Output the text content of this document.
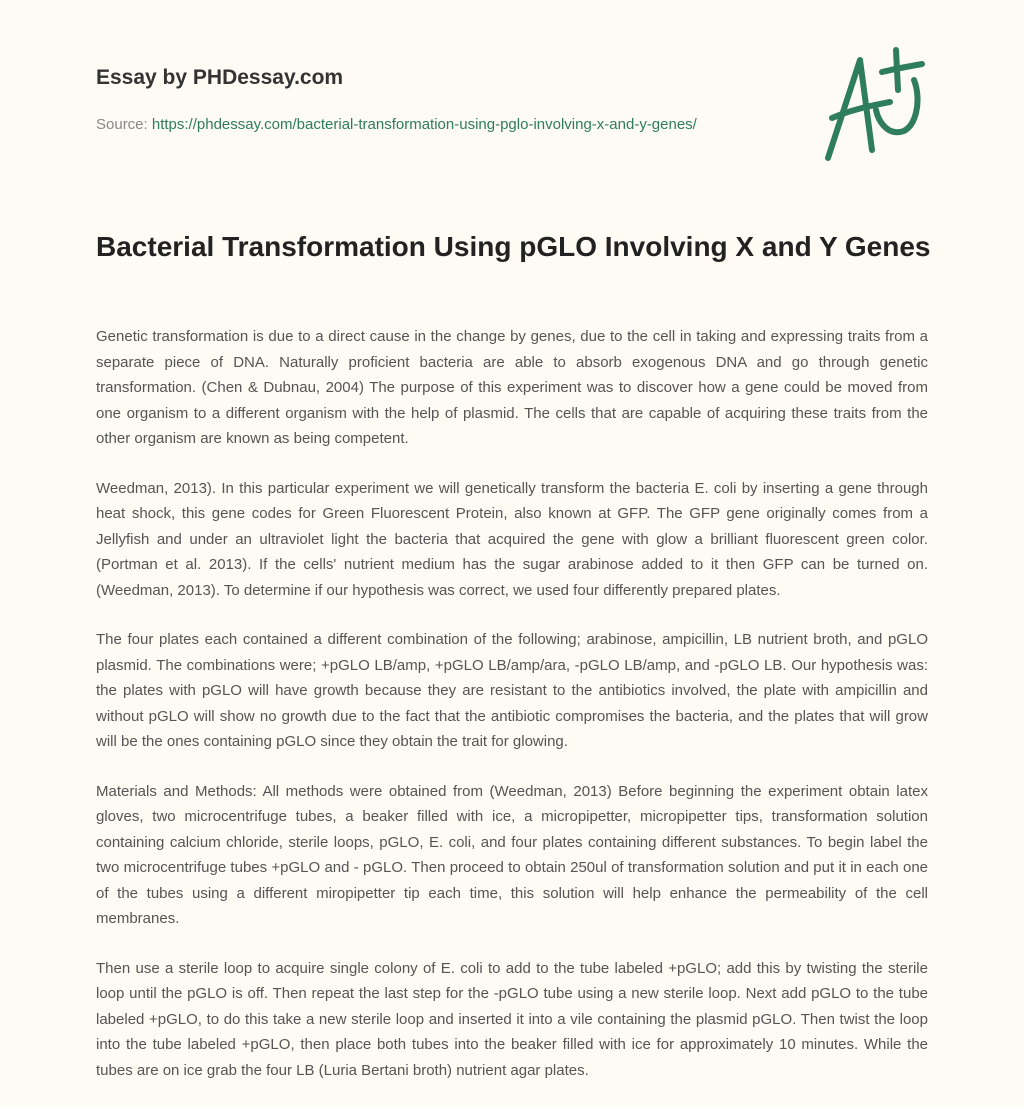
Essay by PHDessay.com
Source: https://phdessay.com/bacterial-transformation-using-pglo-involving-x-and-y-genes/
Bacterial Transformation Using pGLO Involving X and Y Genes

Genetic transformation is due to a direct cause in the change by genes, due to the cell in taking and expressing traits from a separate piece of DNA. Naturally proficient bacteria are able to absorb exogenous DNA and go through genetic transformation. (Chen & Dubnau, 2004) The purpose of this experiment was to discover how a gene could be moved from one organism to a different organism with the help of plasmid. The cells that are capable of acquiring these traits from the other organism are known as being competent.

Weedman, 2013). In this particular experiment we will genetically transform the bacteria E. coli by inserting a gene through heat shock, this gene codes for Green Fluorescent Protein, also known at GFP. The GFP gene originally comes from a Jellyfish and under an ultraviolet light the bacteria that acquired the gene with glow a brilliant fluorescent green color. (Portman et al. 2013). If the cells' nutrient medium has the sugar arabinose added to it then GFP can be turned on. (Weedman, 2013). To determine if our hypothesis was correct, we used four differently prepared plates.

The four plates each contained a different combination of the following; arabinose, ampicillin, LB nutrient broth, and pGLO plasmid. The combinations were; +pGLO LB/amp, +pGLO LB/amp/ara, -pGLO LB/amp, and -pGLO LB. Our hypothesis was: the plates with pGLO will have growth because they are resistant to the antibiotics involved, the plate with ampicillin and without pGLO will show no growth due to the fact that the antibiotic compromises the bacteria, and the plates that will grow will be the ones containing pGLO since they obtain the trait for glowing.

Materials and Methods: All methods were obtained from (Weedman, 2013) Before beginning the experiment obtain latex gloves, two microcentrifuge tubes, a beaker filled with ice, a micropipetter, micropipetter tips, transformation solution containing calcium chloride, sterile loops, pGLO, E. coli, and four plates containing different substances. To begin label the two microcentrifuge tubes +pGLO and - pGLO. Then proceed to obtain 250ul of transformation solution and put it in each one of the tubes using a different miropipetter tip each time, this solution will help enhance the permeability of the cell membranes.

Then use a sterile loop to acquire single colony of E. coli to add to the tube labeled +pGLO; add this by twisting the sterile loop until the pGLO is off. Then repeat the last step for the -pGLO tube using a new sterile loop. Next add pGLO to the tube labeled +pGLO, to do this take a new sterile loop and inserted it into a vile containing the plasmid pGLO. Then twist the loop into the tube labeled +pGLO, then place both tubes into the beaker filled with ice for approximately 10 minutes. While the tubes are on ice grab the four LB (Luria Bertani broth) nutrient agar plates.
